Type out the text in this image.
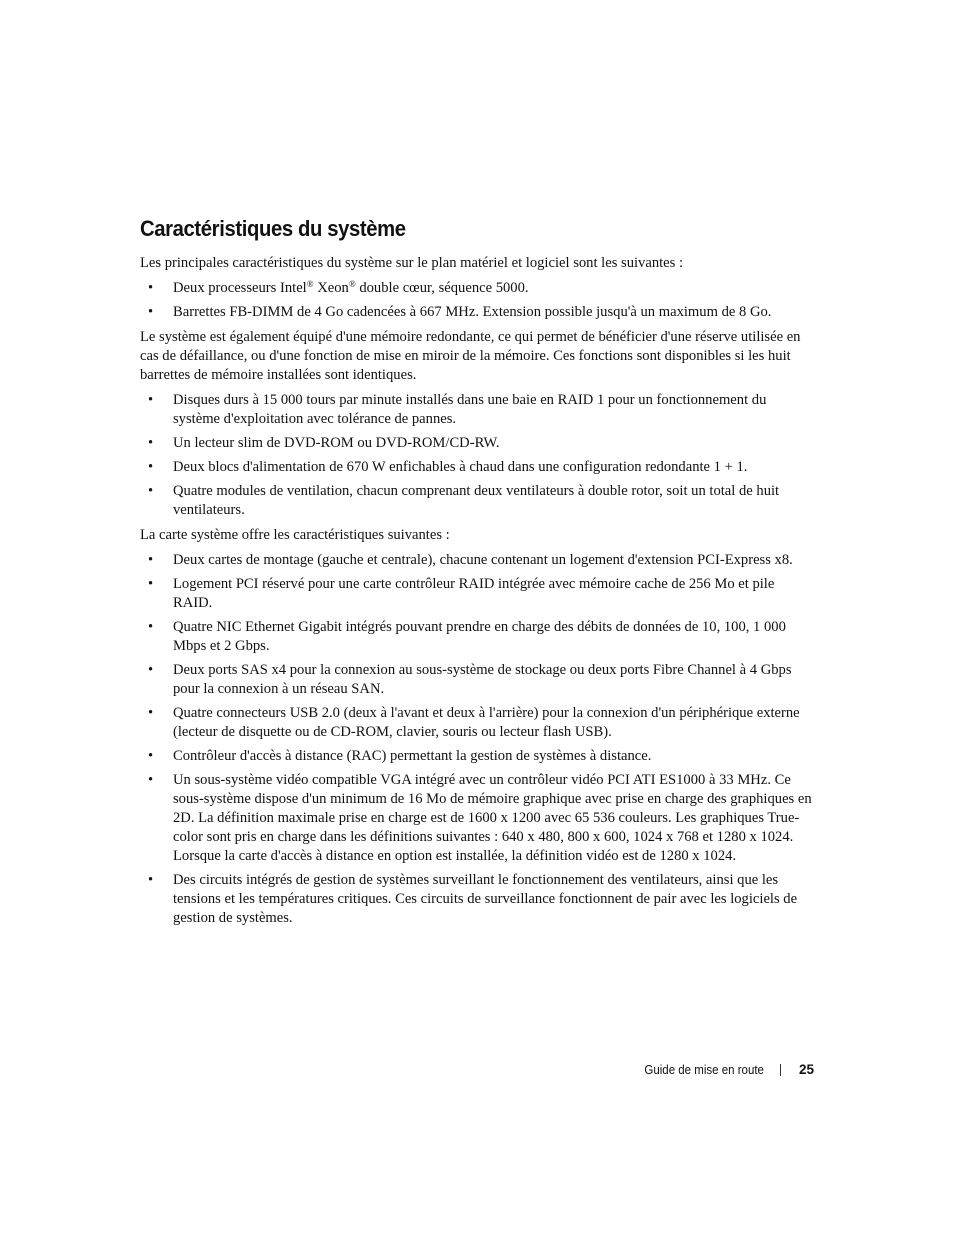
Caractéristiques du système

Les principales caractéristiques du système sur le plan matériel et logiciel sont les suivantes :

• Deux processeurs Intel® Xeon® double cœur, séquence 5000.
• Barrettes FB-DIMM de 4 Go cadencées à 667 MHz. Extension possible jusqu'à un maximum de 8 Go.

Le système est également équipé d'une mémoire redondante, ce qui permet de bénéficier d'une réserve utilisée en cas de défaillance, ou d'une fonction de mise en miroir de la mémoire. Ces fonctions sont disponibles si les huit barrettes de mémoire installées sont identiques.

• Disques durs à 15 000 tours par minute installés dans une baie en RAID 1 pour un fonctionnement du système d'exploitation avec tolérance de pannes.
• Un lecteur slim de DVD-ROM ou DVD-ROM/CD-RW.
• Deux blocs d'alimentation de 670 W enfichables à chaud dans une configuration redondante 1 + 1.
• Quatre modules de ventilation, chacun comprenant deux ventilateurs à double rotor, soit un total de huit ventilateurs.

La carte système offre les caractéristiques suivantes :

• Deux cartes de montage (gauche et centrale), chacune contenant un logement d'extension PCI-Express x8.
• Logement PCI réservé pour une carte contrôleur RAID intégrée avec mémoire cache de 256 Mo et pile RAID.
• Quatre NIC Ethernet Gigabit intégrés pouvant prendre en charge des débits de données de 10, 100, 1 000 Mbps et 2 Gbps.
• Deux ports SAS x4 pour la connexion au sous-système de stockage ou deux ports Fibre Channel à 4 Gbps pour la connexion à un réseau SAN.
• Quatre connecteurs USB 2.0 (deux à l'avant et deux à l'arrière) pour la connexion d'un périphérique externe (lecteur de disquette ou de CD-ROM, clavier, souris ou lecteur flash USB).
• Contrôleur d'accès à distance (RAC) permettant la gestion de systèmes à distance.
• Un sous-système vidéo compatible VGA intégré avec un contrôleur vidéo PCI ATI ES1000 à 33 MHz. Ce sous-système dispose d'un minimum de 16 Mo de mémoire graphique avec prise en charge des graphiques en 2D. La définition maximale prise en charge est de 1600 x 1200 avec 65 536 couleurs. Les graphiques True-color sont pris en charge dans les définitions suivantes : 640 x 480, 800 x 600, 1024 x 768 et 1280 x 1024. Lorsque la carte d'accès à distance en option est installée, la définition vidéo est de 1280 x 1024.
• Des circuits intégrés de gestion de systèmes surveillant le fonctionnement des ventilateurs, ainsi que les tensions et les températures critiques. Ces circuits de surveillance fonctionnent de pair avec les logiciels de gestion de systèmes.
Guide de mise en route	25
